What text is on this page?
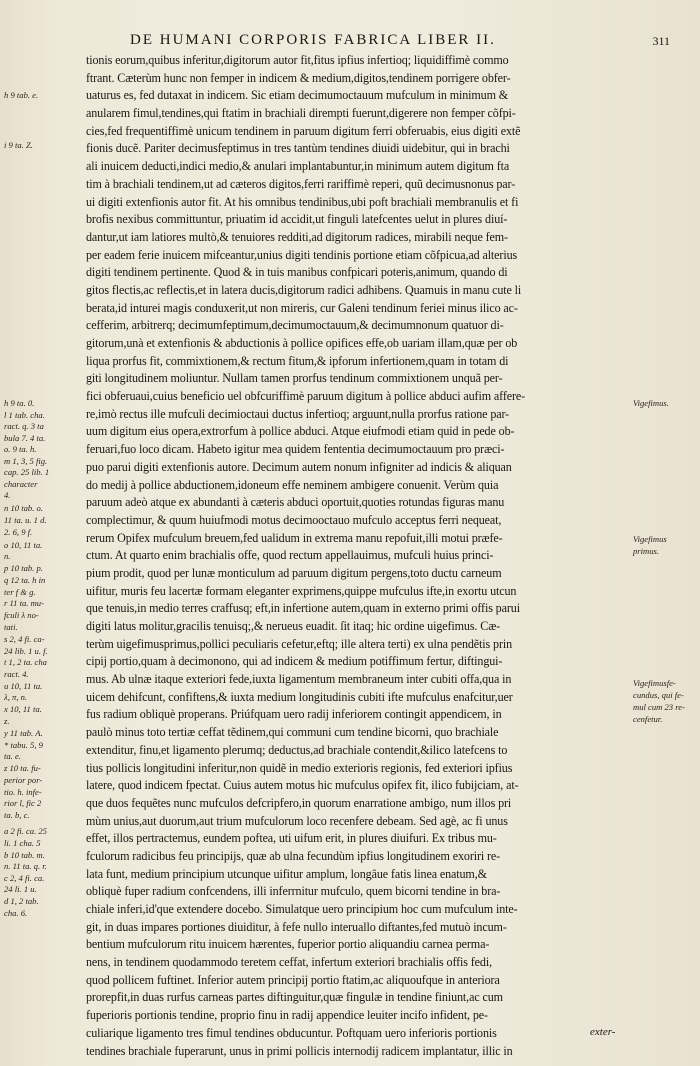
DE HUMANI CORPORIS FABRICA LIBER II.	311
tionis eorum,quibus inferitur,digitorum autor fit,fitus ipfius infertioq; liquidiffimè commo
ftrant. Cæterùm hunc non femper in indicem & medium,digitos,tendinem porrigere obfer-
uaturus es, fed dutaxat in indicem. Sic etiam decimumoctauum mufculum in minimum &
anularem fimul,tendines,qui ftatim in brachiali dirempti fuerunt,digerere non femper cõfpi-
cies,fed frequentiffimè unicum tendinem in paruum digitum ferri obferuabis, eius digiti extẽ
fionis ducẽ. Pariter decimusfeptimus in tres tantùm tendines diuidi uidebitur, qui in brachi
ali inuicem deducti,indici medio,& anulari implantabuntur,in minimum autem digitum fta
tim à brachiali tendinem,ut ad cæteros digitos,ferri rariffimè reperi, quũ decimusnonus par-
ui digiti extenfionis autor fit. At his omnibus tendinibus,ubi poft brachiali membranulis et fi
brofis nexibus committuntur, priuatim id accidit,ut finguli latefcentes uelut in plures diuí-
dantur,ut iam latiores multò,& tenuiores redditi,ad digitorum radices, mirabili neque fem-
per eadem ferie inuicem mifceantur,unius digiti tendinis portione etiam cõfpicua,ad alterius
digiti tendinem pertinente. Quod & in tuis manibus confpicari poteris,animum, quando di
gitos flectis,ac reflectis,et in latera ducis,digitorum radici adhibens. Quamuis in manu cute li
berata,id inturei magis conduxerit,ut non mireris, cur Galeni tendinum feriei minus ilico ac-
cefferim, arbitrerq; decimumfeptimum,decimumoctauum,& decimumnonum quatuor di-
gitorum,unà et extenfionis & abductionis à pollice opifices effe,ob uariam illam,quæ per ob
liqua prorfus fit, commixtionem,& rectum fitum,& ipforum infertionem,quam in totam di
giti longitudinem moliuntur. Nullam tamen prorfus tendinum commixtionem unquã per-
fici obferuaui,cuius beneficio uel obfcuriffimè paruum digitum à pollice abduci aufim affere-
re,imò rectus ille mufculi decimioctaui ductus infertioq; arguunt,nulla prorfus ratione par-
uum digitum eius opera,extrorfum à pollice abduci. Atque eiufmodi etiam quid in pede ob-
feruari,fuo loco dicam. Habeto igitur mea quidem fententia decimumoctauum pro præci-
puo parui digiti extenfionis autore. Decimum autem nonum infigniter ad indicis & aliquan
do medij à pollice abductionem,idoneum effe neminem ambigere conuenit. Verùm quia
paruum adeò atque ex abundanti à cæteris abduci oportuit,quoties rotundas figuras manu
complectimur, & quum huiufmodi motus decimooctauo mufculo acceptus ferri nequeat,
rerum Opifex mufculum breuem,fed ualidum in extrema manu repofuit,illi motui præfe-
ctum. At quarto enim brachialis offe, quod rectum appellauimus, mufculi huius princi-
pium prodit, quod per lunæ monticulum ad paruum digitum pergens,toto ductu carneum
uifitur, muris feu lacertæ formam eleganter exprimens,quippe mufculus ifte,in exortu utcun
que tenuis,in medio terres craffusq; eft,in infertione autem,quam in externo primi offis parui
digiti latus molitur,gracilis tenuisq;,& nerueus euadit. ſit itaq; hic ordine uigefimus. Cæ-
terùm uigefimusprimus,pollici peculiaris cefetur,eftq; ille altera terti) ex ulna pendẽtis prin
cipij portio,quam à decimonono, qui ad indicem & medium potiffimum fertur, diftingui-
mus. Ab ulnæ itaque exteriori fede,iuxta ligamentum membraneum inter cubiti offa,qua in
uicem dehifcunt, confiftens,& iuxta medium longitudinis cubiti ifte mufculus enafcitur,uer
fus radium obliquè properans. Priúfquam uero radij inferiorem contingit appendicem, in
paulò minus toto tertiæ ceffat tẽdinem,qui communi cum tendine bicorni, quo brachiale
extenditur, finu,et ligamento plerumq; deductus,ad brachiale contendit,&ilico latefcens to
tius pollicis longitudini inferitur,non quidẽ in medio exterioris regionis, fed exteriori ipfius
latere, quod indicem fpectat. Cuius autem motus hic mufculus opifex fit, ilico fubijciam, at-
que duos fequẽtes nunc mufculos defcripfero,in quorum enarratione ambigo, num illos pri
mùm unius,aut duorum,aut trium mufculorum loco recenfere debeam. Sed agè, ac fi unus
effet, illos pertractemus, eundem poftea, uti uifum erit, in plures diuifuri. Ex tribus mu-
fculorum radicibus feu principijs, quæ ab ulna fecundùm ipfius longitudinem exoriri re-
lata funt, medium principium utcunque uifitur amplum, longâue fatis linea enatum,&
obliquè fuper radium confcendens, illi inferrnitur mufculo, quem bicorni tendine in bra-
chiale inferi,id'que extendere docebo. Simulatque uero principium hoc cum mufculum inte-
git, in duas impares portiones diuiditur, à fefe nullo interuallo diftantes,fed mutuò incum-
bentium mufculorum ritu inuicem hærentes, fuperior portio aliquandiu carnea perma-
nens, in tendinem quodammodo teretem ceffat, infertum exteriori brachialis offis fedi,
quod pollicem fuftinet. Inferior autem principij portio ftatim,ac aliquoufque in anteriora
prorepfit,in duas rurfus carneas partes diftinguitur,quæ fingulæ in tendine finiunt,ac cum
fuperioris portionis tendine, proprio finu in radij appendice leuiter incifo infident, pe-
culiarique ligamento tres fimul tendines obducuntur. Poftquam uero inferioris portionis
tendines brachiale fuperarunt, unus in primi pollicis internodij radicem implantatur, illic in
h 9 tab. e.
i 9 ta. Z.
h 9 ta. 0.
l 1 tab. cha.
ract. q. 3 ta
bula 7. 4 ta.
o. 9 ta. h.
m 1, 3, 5 fig.
cap. 25 lib. 1
character
4.
n 10 tab. o.
11 ta. u. 1 d.
2. 6, 9 f.
o 10, 11 ta.
n.
p 10 tab. p.
q 12 ta. h in
ter f & g.
r 11 ta. mu-
fculi λ no-
tati.
s 2, 4 fi. ca-
24 lib. 1 u. f.
t 1, 2 ta. cha
ract. 4.
u 10, 11 ta.
λ, π, n.
x 10, 11 ta.
z.
y 11 tab. A.
* tabu. 5, 9
ta. e.
z 10 ta. fu-
perior por-
tio. h. infe-
rior l, fic 2
ta. b, c.
a 2 fi. ca. 25
li. 1 cha. 5
b 10 tab. m.
n. 11 ta. q. r.
c 2, 4 fi. ca.
24 li. 1 u.
d 1, 2 tab.
cha. 6.
Vigefimus.
Vigefimus
primus.
Vigefimusfe-
cundus, qui fe-
mul cum 23 re-
cenfetur.
exter-
